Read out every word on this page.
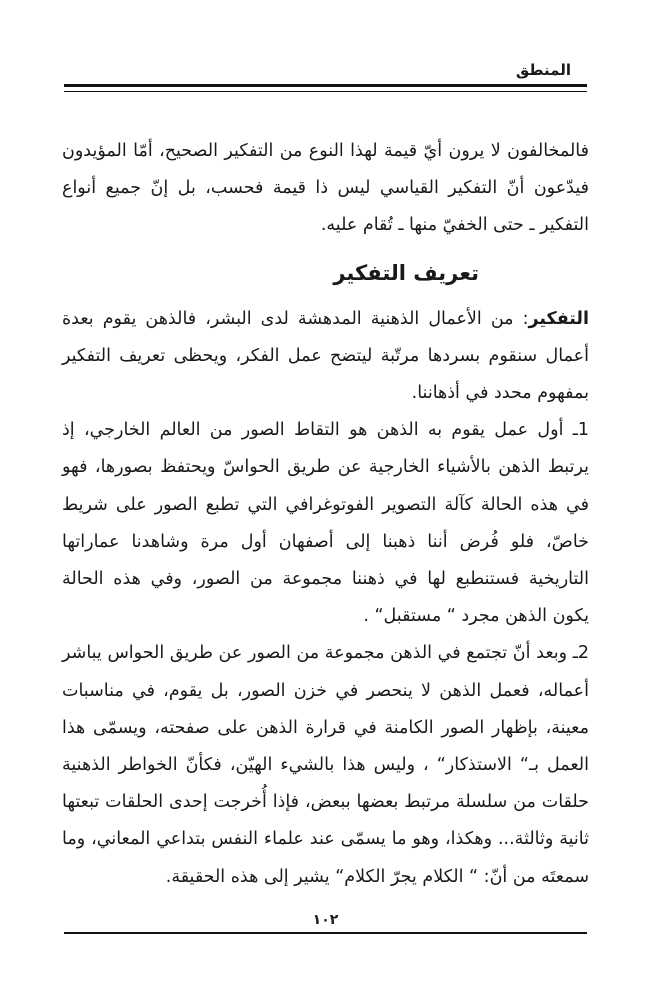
المنطق

فالمخالفون لا يرون أيّ قيمة لهذا النوع من التفكير الصحيح، أمّا المؤيدون فيدّعون أنّ التفكير القياسي ليس ذا قيمة فحسب، بل إنّ جميع أنواع التفكير ـ حتى الخفيّ منها ـ تُقام عليه.

تعريف التفكير

التفكير: من الأعمال الذهنية المدهشة لدى البشر، فالذهن يقوم بعدة أعمال سنقوم بسردها مرتّبة ليتضح عمل الفكر، ويحظى تعريف التفكير بمفهوم محدد في أذهاننا.

1ـ أول عمل يقوم به الذهن هو التقاط الصور من العالم الخارجي، إذ يرتبط الذهن بالأشياء الخارجية عن طريق الحواسّ ويحتفظ بصورها، فهو في هذه الحالة كآلة التصوير الفوتوغرافي التي تطبع الصور على شريط خاصّ، فلو فُرض أننا ذهبنا إلى أصفهان أول مرة وشاهدنا عماراتها التاريخية فستنطبع لها في ذهننا مجموعة من الصور، وفي هذه الحالة يكون الذهن مجرد “ مستقبل“ .

2ـ وبعد أنّ تجتمع في الذهن مجموعة من الصور عن طريق الحواس يباشر أعماله، فعمل الذهن لا ينحصر في خزن الصور، بل يقوم، في مناسبات معينة، بإظهار الصور الكامنة في قرارة الذهن على صفحته، ويسمّى هذا العمل بـ“ الاستذكار“ ، وليس هذا بالشيء الهيّن، فكأنّ الخواطر الذهنية حلقات من سلسلة مرتبط بعضها ببعض، فإذا أُخرجت إحدى الحلقات تبعتها ثانية وثالثة... وهكذا، وهو ما يسمّى عند علماء النفس بتداعي المعاني، وما سمعتَه من أنّ: “ الكلام يجرّ الكلام“ يشير إلى هذه الحقيقة.

١٠٢
